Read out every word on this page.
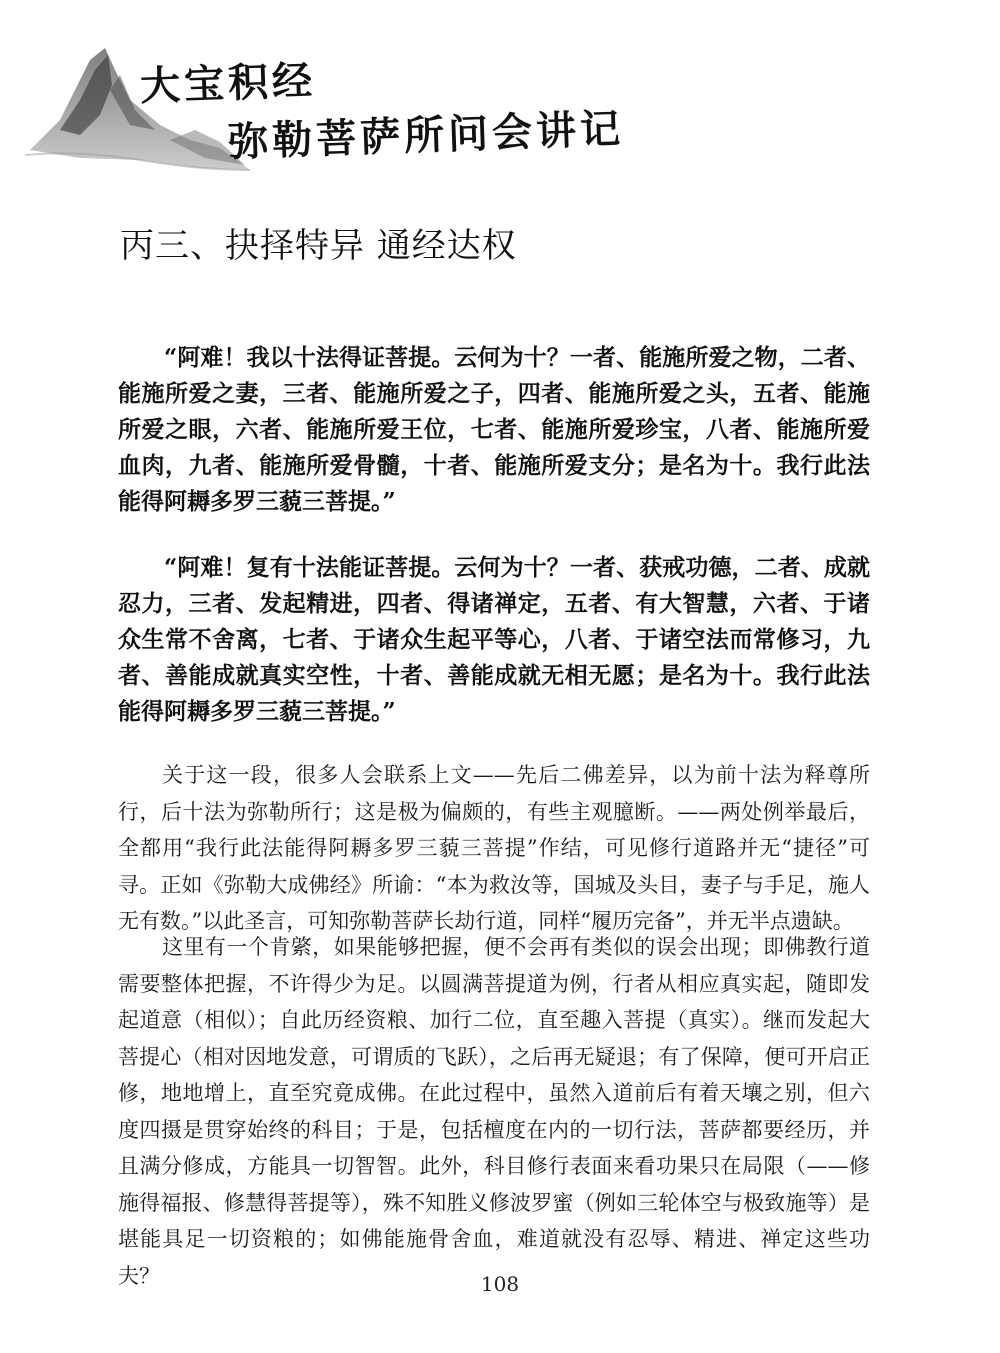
大宝积经
弥勒菩萨所问会讲记
丙三、抉择特异 通经达权

“阿难！我以十法得证菩提。云何为十？一者、能施所爱之物，二者、能施所爱之妻，三者、能施所爱之子，四者、能施所爱之头，五者、能施所爱之眼，六者、能施所爱王位，七者、能施所爱珍宝，八者、能施所爱血肉，九者、能施所爱骨髓，十者、能施所爱支分；是名为十。我行此法能得阿耨多罗三藐三菩提。”

“阿难！复有十法能证菩提。云何为十？一者、获戒功德，二者、成就忍力，三者、发起精进，四者、得诸禅定，五者、有大智慧，六者、于诸众生常不舍离，七者、于诸众生起平等心，八者、于诸空法而常修习，九者、善能成就真实空性，十者、善能成就无相无愿；是名为十。我行此法能得阿耨多罗三藐三菩提。”

关于这一段，很多人会联系上文——先后二佛差异，以为前十法为释尊所行，后十法为弥勒所行；这是极为偏颇的，有些主观臆断。——两处例举最后，全都用“我行此法能得阿耨多罗三藐三菩提”作结，可见修行道路并无“捷径”可寻。正如《弥勒大成佛经》所谕：“本为救汝等，国城及头目，妻子与手足，施人无有数。”以此圣言，可知弥勒菩萨长劫行道，同样“履历完备”，并无半点遗缺。

这里有一个肯綮，如果能够把握，便不会再有类似的误会出现；即佛教行道需要整体把握，不许得少为足。以圆满菩提道为例，行者从相应真实起，随即发起道意（相似）；自此历经资粮、加行二位，直至趣入菩提（真实）。继而发起大菩提心（相对因地发意，可谓质的飞跃），之后再无疑退；有了保障，便可开启正修，地地增上，直至究竟成佛。在此过程中，虽然入道前后有着天壤之别，但六度四摄是贯穿始终的科目；于是，包括檀度在内的一切行法，菩萨都要经历，并且满分修成，方能具一切智智。此外，科目修行表面来看功果只在局限（——修施得福报、修慧得菩提等），殊不知胜义修波罗蜜（例如三轮体空与极致施等）是堪能具足一切资粮的；如佛能施骨舍血，难道就没有忍辱、精进、禅定这些功夫？	108
